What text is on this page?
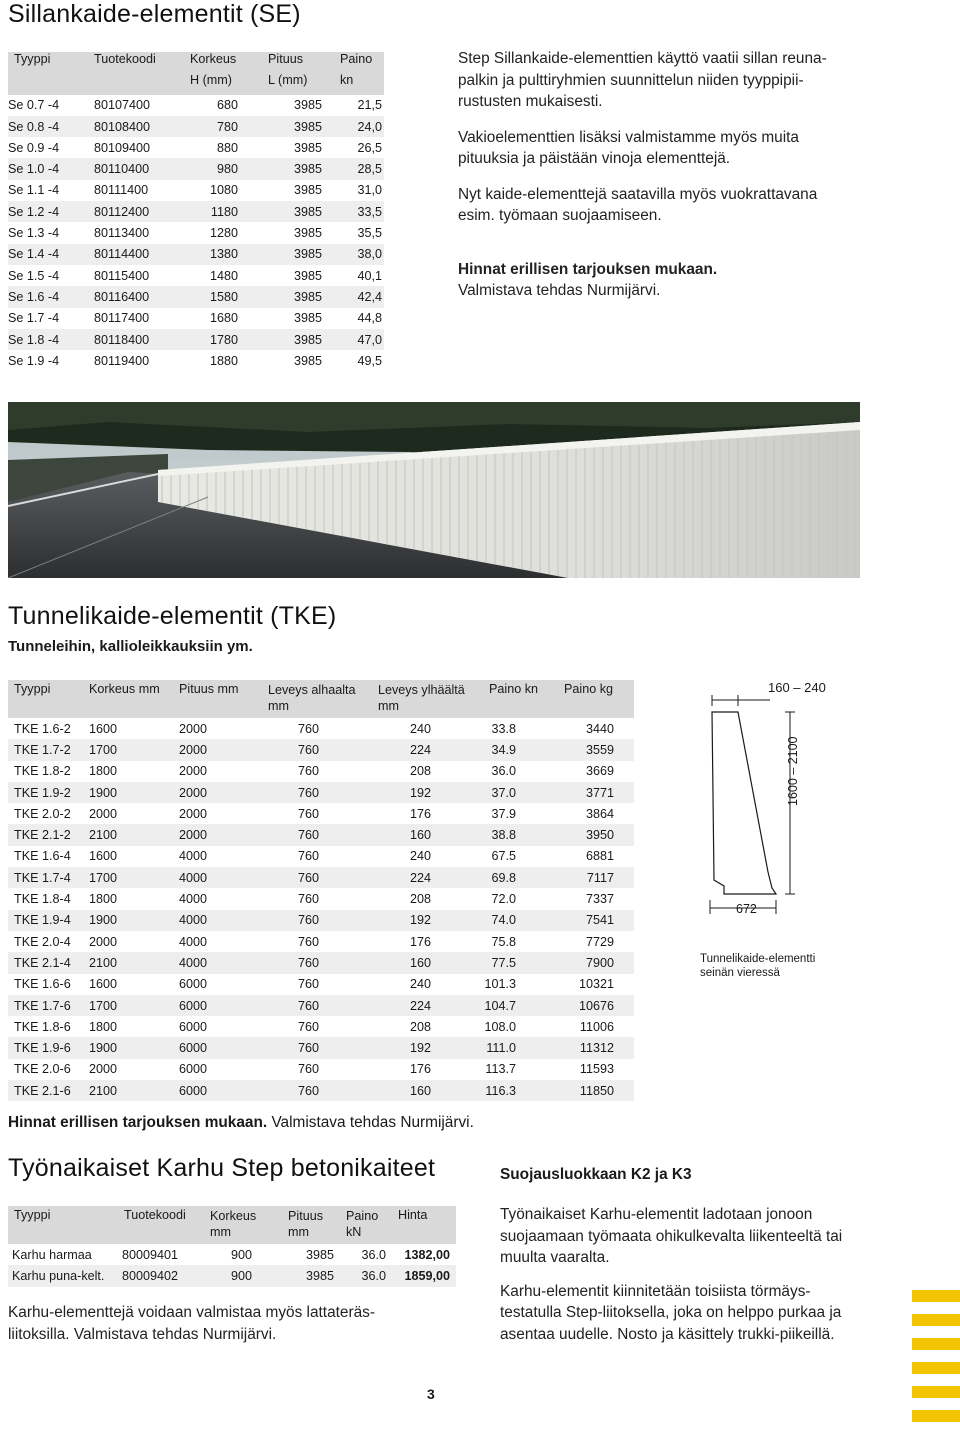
Sillankaide-elementit (SE)
Tyyppi	Tuotekoodi	Korkeus	Pituus	Paino
		H (mm)	L (mm)	kn
Se 0.7 -4	80107400	680	3985	21,5
Se 0.8 -4	80108400	780	3985	24,0
Se 0.9 -4	80109400	880	3985	26,5
Se 1.0 -4	80110400	980	3985	28,5
Se 1.1 -4	80111400	1080	3985	31,0
Se 1.2 -4	80112400	1180	3985	33,5
Se 1.3 -4	80113400	1280	3985	35,5
Se 1.4 -4	80114400	1380	3985	38,0
Se 1.5 -4	80115400	1480	3985	40,1
Se 1.6 -4	80116400	1580	3985	42,4
Se 1.7 -4	80117400	1680	3985	44,8
Se 1.8 -4	80118400	1780	3985	47,0
Se 1.9 -4	80119400	1880	3985	49,5

Step Sillankaide-elementtien käyttö vaatii sillan reuna-palkin ja pulttiryhmien suunnittelun niiden tyyppipii-rustusten mukaisesti.

Vakioelementtien lisäksi valmistamme myös muita pituuksia ja päistään vinoja elementtejä.

Nyt kaide-elementtejä saatavilla myös vuokrattavana esim. työmaan suojaamiseen.

Hinnat erillisen tarjouksen mukaan.
Valmistava tehdas Nurmijärvi.
Tunnelikaide-elementit (TKE)
Tunneleihin, kallioleikkauksiin ym.
Tyyppi	Korkeus mm	Pituus mm	Leveys alhaalta mm	Leveys ylhäältä mm	Paino kn	Paino kg
TKE 1.6-2	1600	2000	760	240	33.8	3440
TKE 1.7-2	1700	2000	760	224	34.9	3559
TKE 1.8-2	1800	2000	760	208	36.0	3669
TKE 1.9-2	1900	2000	760	192	37.0	3771
TKE 2.0-2	2000	2000	760	176	37.9	3864
TKE 2.1-2	2100	2000	760	160	38.8	3950
TKE 1.6-4	1600	4000	760	240	67.5	6881
TKE 1.7-4	1700	4000	760	224	69.8	7117
TKE 1.8-4	1800	4000	760	208	72.0	7337
TKE 1.9-4	1900	4000	760	192	74.0	7541
TKE 2.0-4	2000	4000	760	176	75.8	7729
TKE 2.1-4	2100	4000	760	160	77.5	7900
TKE 1.6-6	1600	6000	760	240	101.3	10321
TKE 1.7-6	1700	6000	760	224	104.7	10676
TKE 1.8-6	1800	6000	760	208	108.0	11006
TKE 1.9-6	1900	6000	760	192	111.0	11312
TKE 2.0-6	2000	6000	760	176	113.7	11593
TKE 2.1-6	2100	6000	760	160	116.3	11850
160 – 240
1600 – 2100
672
Tunnelikaide-elementti
seinän vieressä
Hinnat erillisen tarjouksen mukaan. Valmistava tehdas Nurmijärvi.
Työnaikaiset Karhu Step betonikaiteet
Tyyppi	Tuotekoodi	Korkeus mm	Pituus mm	Paino kN	Hinta
Karhu harmaa	80009401	900	3985	36.0	1382,00
Karhu puna-kelt.	80009402	900	3985	36.0	1859,00
Karhu-elementtejä voidaan valmistaa myös lattateräs-liitoksilla. Valmistava tehdas Nurmijärvi.
Suojausluokkaan K2 ja K3

Työnaikaiset Karhu-elementit ladotaan jonoon suojaamaan työmaata ohikulkevalta liikenteeltä tai muulta vaaralta.

Karhu-elementit kiinnitetään toisiista törmäys-testatulla Step-liitoksella, joka on helppo purkaa ja asentaa uudelle. Nosto ja käsittely trukki-piikeillä.

3
